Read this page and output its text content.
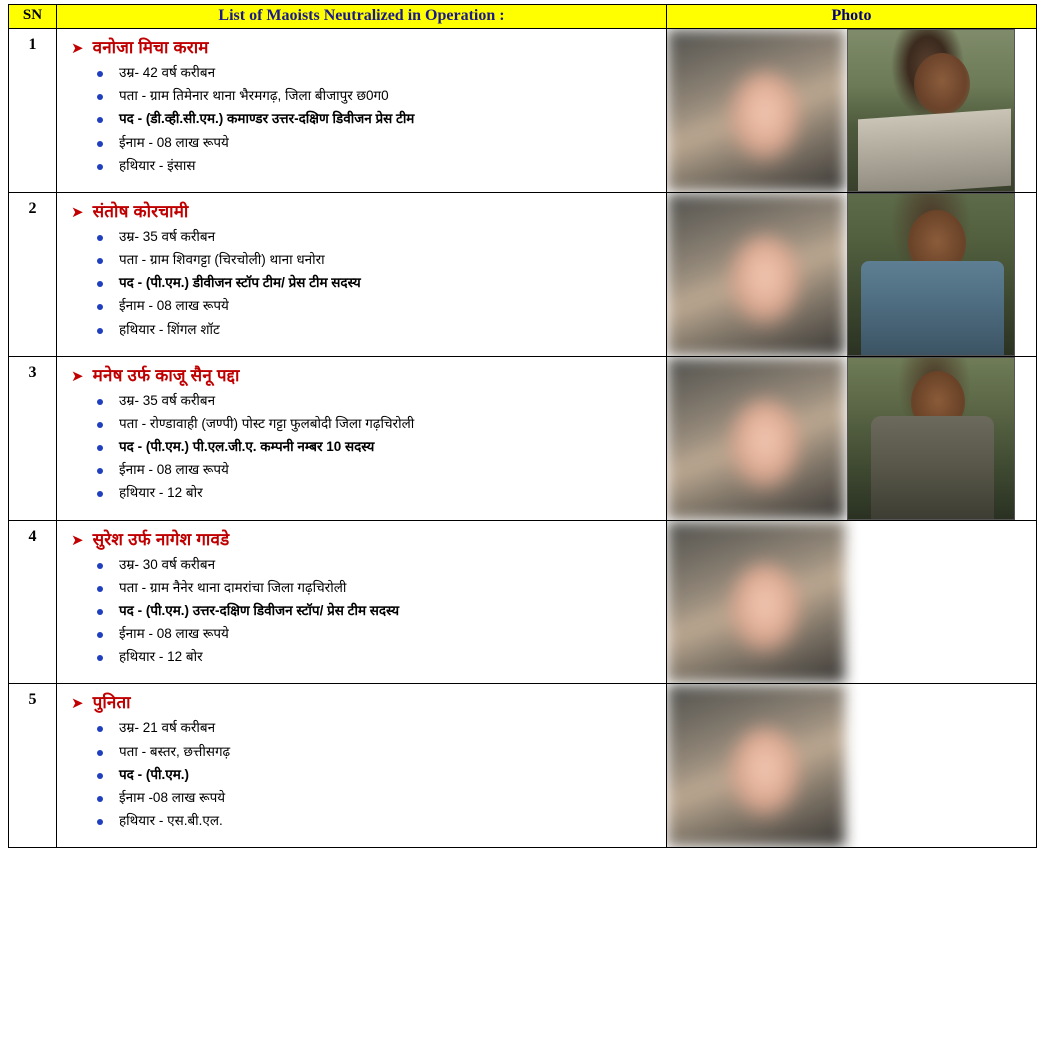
SN	List of Maoists Neutralized in Operation :	Photo
1	➤ वनोजा मिचा कराम
उम्र- 42 वर्ष करीबन
पता - ग्राम तिमेनार थाना भैरमगढ़, जिला बीजापुर छ0ग0
पद - (डी.व्ही.सी.एम.) कमाण्डर उत्तर-दक्षिण डिवीजन प्रेस टीम
ईनाम - 08 लाख रूपये
हथियार - इंसास

2	➤ संतोष कोरचामी
उम्र- 35 वर्ष करीबन
पता - ग्राम शिवगट्टा (चिरचोली) थाना धनोरा
पद - (पी.एम.) डीवीजन स्टॉप टीम/ प्रेस टीम सदस्य
ईनाम - 08 लाख रूपये
हथियार - शिंगल शॉट

3	➤ मनेष उर्फ काजू सैनू पद्दा
उम्र- 35 वर्ष करीबन
पता - रोण्डावाही (जण्पी) पोस्ट गट्टा फुलबोदी जिला गढ़चिरोली
पद - (पी.एम.) पी.एल.जी.ए. कम्पनी नम्बर 10 सदस्य
ईनाम - 08 लाख रूपये
हथियार - 12 बोर

4	➤ सुरेश उर्फ नागेश गावडे
उम्र- 30 वर्ष करीबन
पता - ग्राम नैनेर थाना दामरांचा जिला गढ़चिरोली
पद - (पी.एम.) उत्तर-दक्षिण डिवीजन स्टॉप/ प्रेस टीम सदस्य
ईनाम - 08 लाख रूपये
हथियार - 12 बोर

5	➤ पुनिता
उम्र- 21 वर्ष करीबन
पता - बस्तर, छत्तीसगढ़
पद - (पी.एम.)
ईनाम -08 लाख रूपये
हथियार - एस.बी.एल.
